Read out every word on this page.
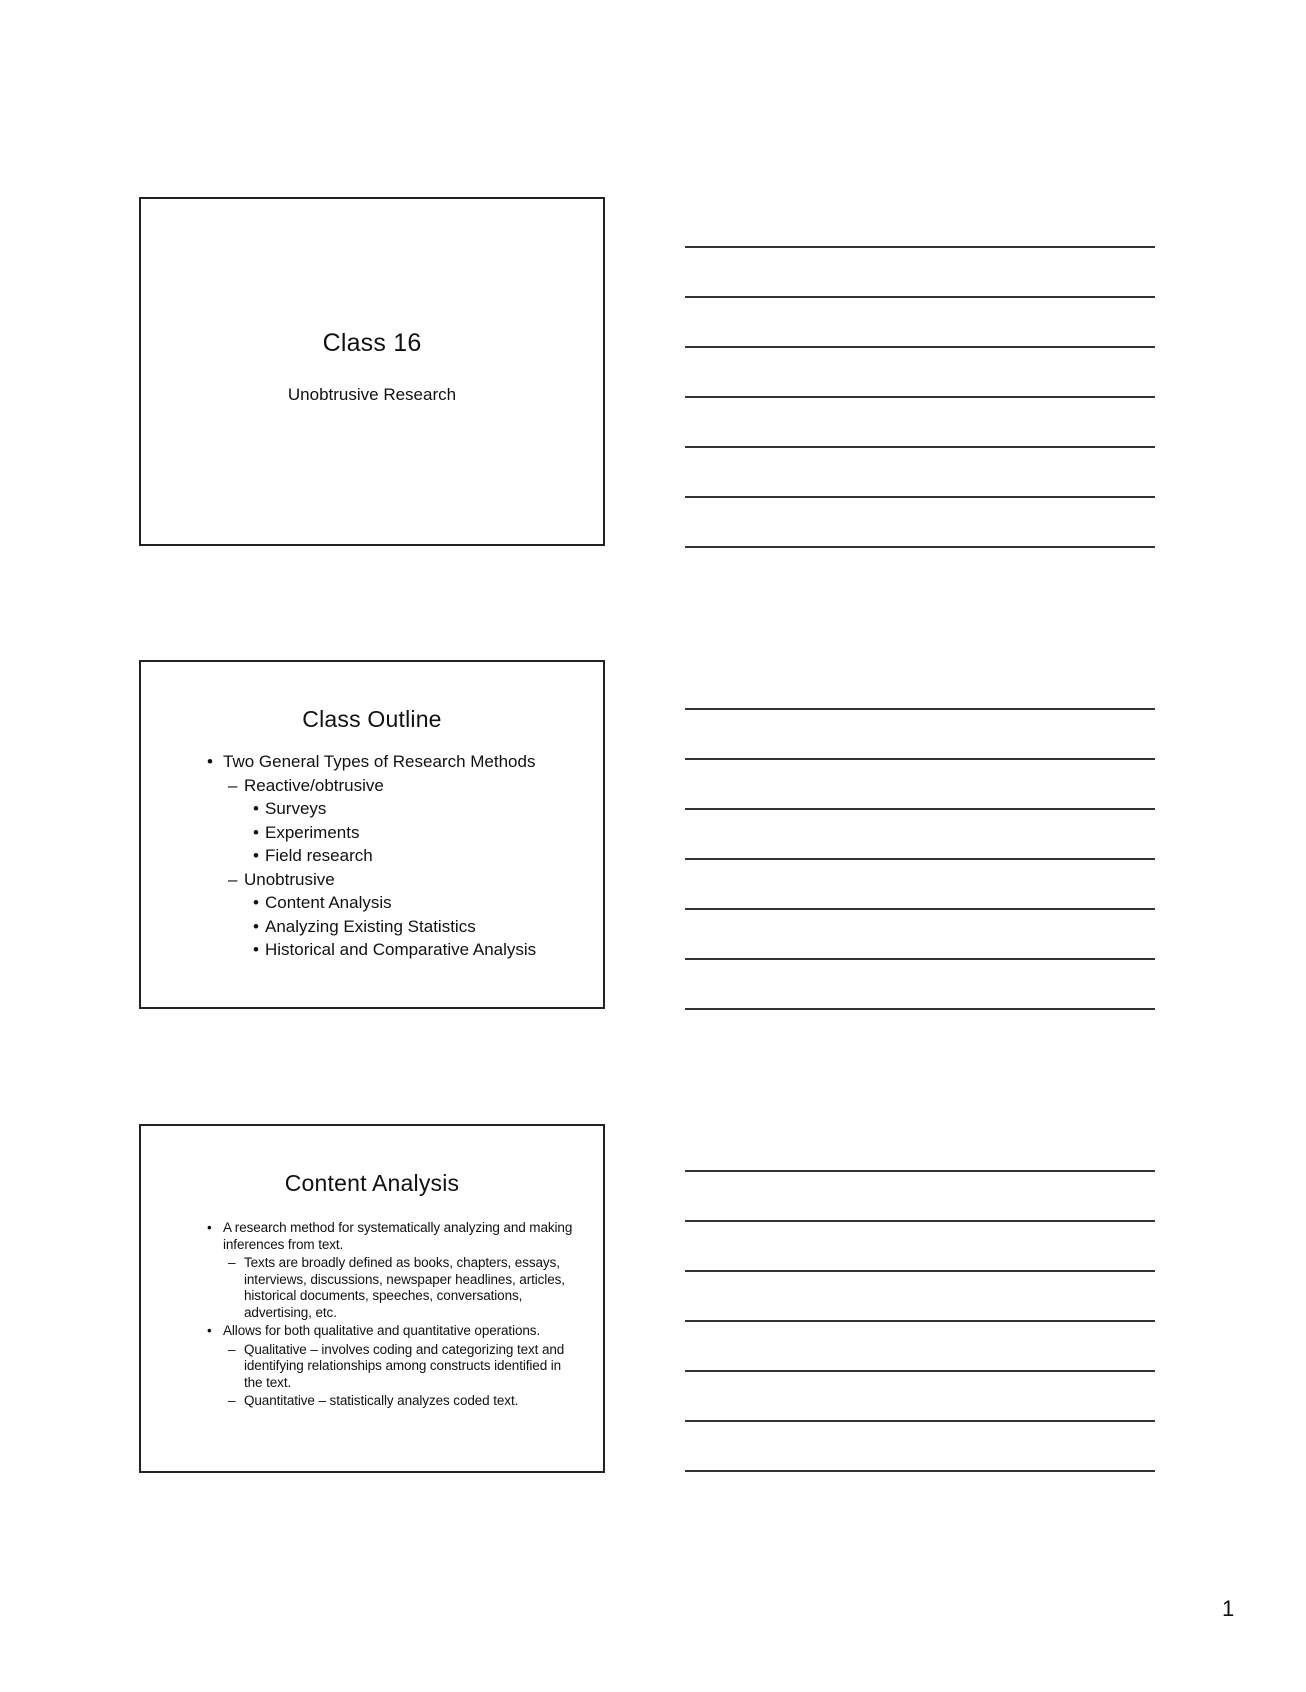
Class 16
Unobtrusive Research
Class Outline
• Two General Types of Research Methods
– Reactive/obtrusive
• Surveys
• Experiments
• Field research
– Unobtrusive
• Content Analysis
• Analyzing Existing Statistics
• Historical and Comparative Analysis
Content Analysis
• A research method for systematically analyzing and making inferences from text.
– Texts are broadly defined as books, chapters, essays, interviews, discussions, newspaper headlines, articles, historical documents, speeches, conversations, advertising, etc.
• Allows for both qualitative and quantitative operations.
– Qualitative – involves coding and categorizing text and identifying relationships among constructs identified in the text.
– Quantitative – statistically analyzes coded text.
1
